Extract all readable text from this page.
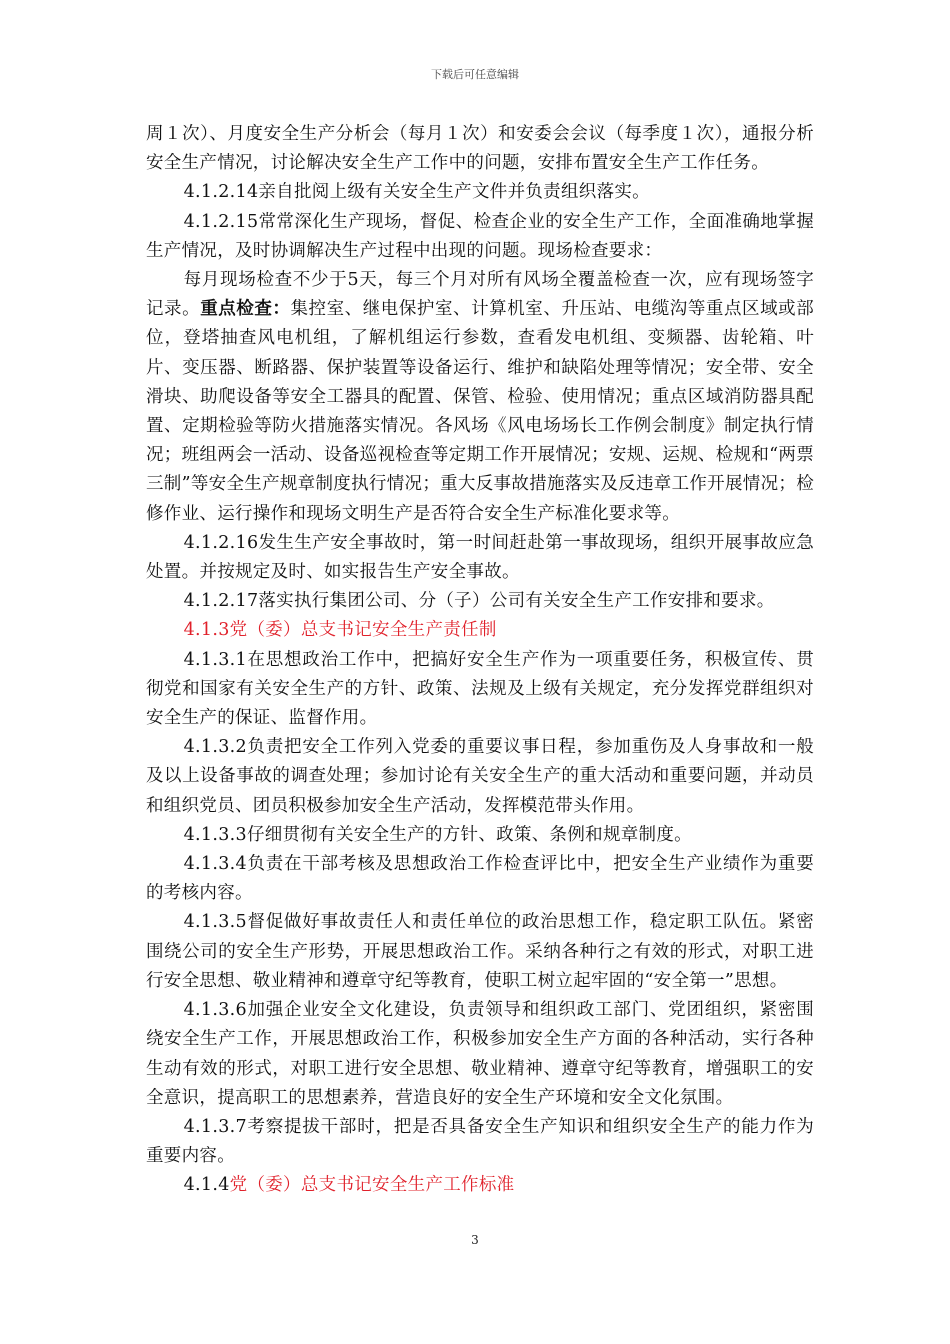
下载后可任意编辑

周１次）、月度安全生产分析会（每月１次）和安委会会议（每季度１次），通报分析安全生产情况，讨论解决安全生产工作中的问题，安排布置安全生产工作任务。

4.1.2.14亲自批阅上级有关安全生产文件并负责组织落实。

4.1.2.15常常深化生产现场，督促、检查企业的安全生产工作，全面准确地掌握生产情况，及时协调解决生产过程中出现的问题。现场检查要求：

每月现场检查不少于5天，每三个月对所有风场全覆盖检查一次，应有现场签字记录。重点检查：集控室、继电保护室、计算机室、升压站、电缆沟等重点区域或部位，登塔抽查风电机组，了解机组运行参数，查看发电机组、变频器、齿轮箱、叶片、变压器、断路器、保护装置等设备运行、维护和缺陷处理等情况；安全带、安全滑块、助爬设备等安全工器具的配置、保管、检验、使用情况；重点区域消防器具配置、定期检验等防火措施落实情况。各风场《风电场场长工作例会制度》制定执行情况；班组两会一活动、设备巡视检查等定期工作开展情况；安规、运规、检规和“两票三制”等安全生产规章制度执行情况；重大反事故措施落实及反违章工作开展情况；检修作业、运行操作和现场文明生产是否符合安全生产标准化要求等。

4.1.2.16发生生产安全事故时，第一时间赶赴第一事故现场，组织开展事故应急处置。并按规定及时、如实报告生产安全事故。

4.1.2.17落实执行集团公司、分（子）公司有关安全生产工作安排和要求。

4.1.3党（委）总支书记安全生产责任制

4.1.3.1在思想政治工作中，把搞好安全生产作为一项重要任务，积极宣传、贯彻党和国家有关安全生产的方针、政策、法规及上级有关规定，充分发挥党群组织对安全生产的保证、监督作用。

4.1.3.2负责把安全工作列入党委的重要议事日程，参加重伤及人身事故和一般及以上设备事故的调查处理；参加讨论有关安全生产的重大活动和重要问题，并动员和组织党员、团员积极参加安全生产活动，发挥模范带头作用。

4.1.3.3仔细贯彻有关安全生产的方针、政策、条例和规章制度。

4.1.3.4负责在干部考核及思想政治工作检查评比中，把安全生产业绩作为重要的考核内容。

4.1.3.5督促做好事故责任人和责任单位的政治思想工作，稳定职工队伍。紧密围绕公司的安全生产形势，开展思想政治工作。采纳各种行之有效的形式，对职工进行安全思想、敬业精神和遵章守纪等教育，使职工树立起牢固的“安全第一”思想。

4.1.3.6加强企业安全文化建设，负责领导和组织政工部门、党团组织，紧密围绕安全生产工作，开展思想政治工作，积极参加安全生产方面的各种活动，实行各种生动有效的形式，对职工进行安全思想、敬业精神、遵章守纪等教育，增强职工的安全意识，提高职工的思想素养，营造良好的安全生产环境和安全文化氛围。

4.1.3.7考察提拔干部时，把是否具备安全生产知识和组织安全生产的能力作为重要内容。

4.1.4党（委）总支书记安全生产工作标准

3
